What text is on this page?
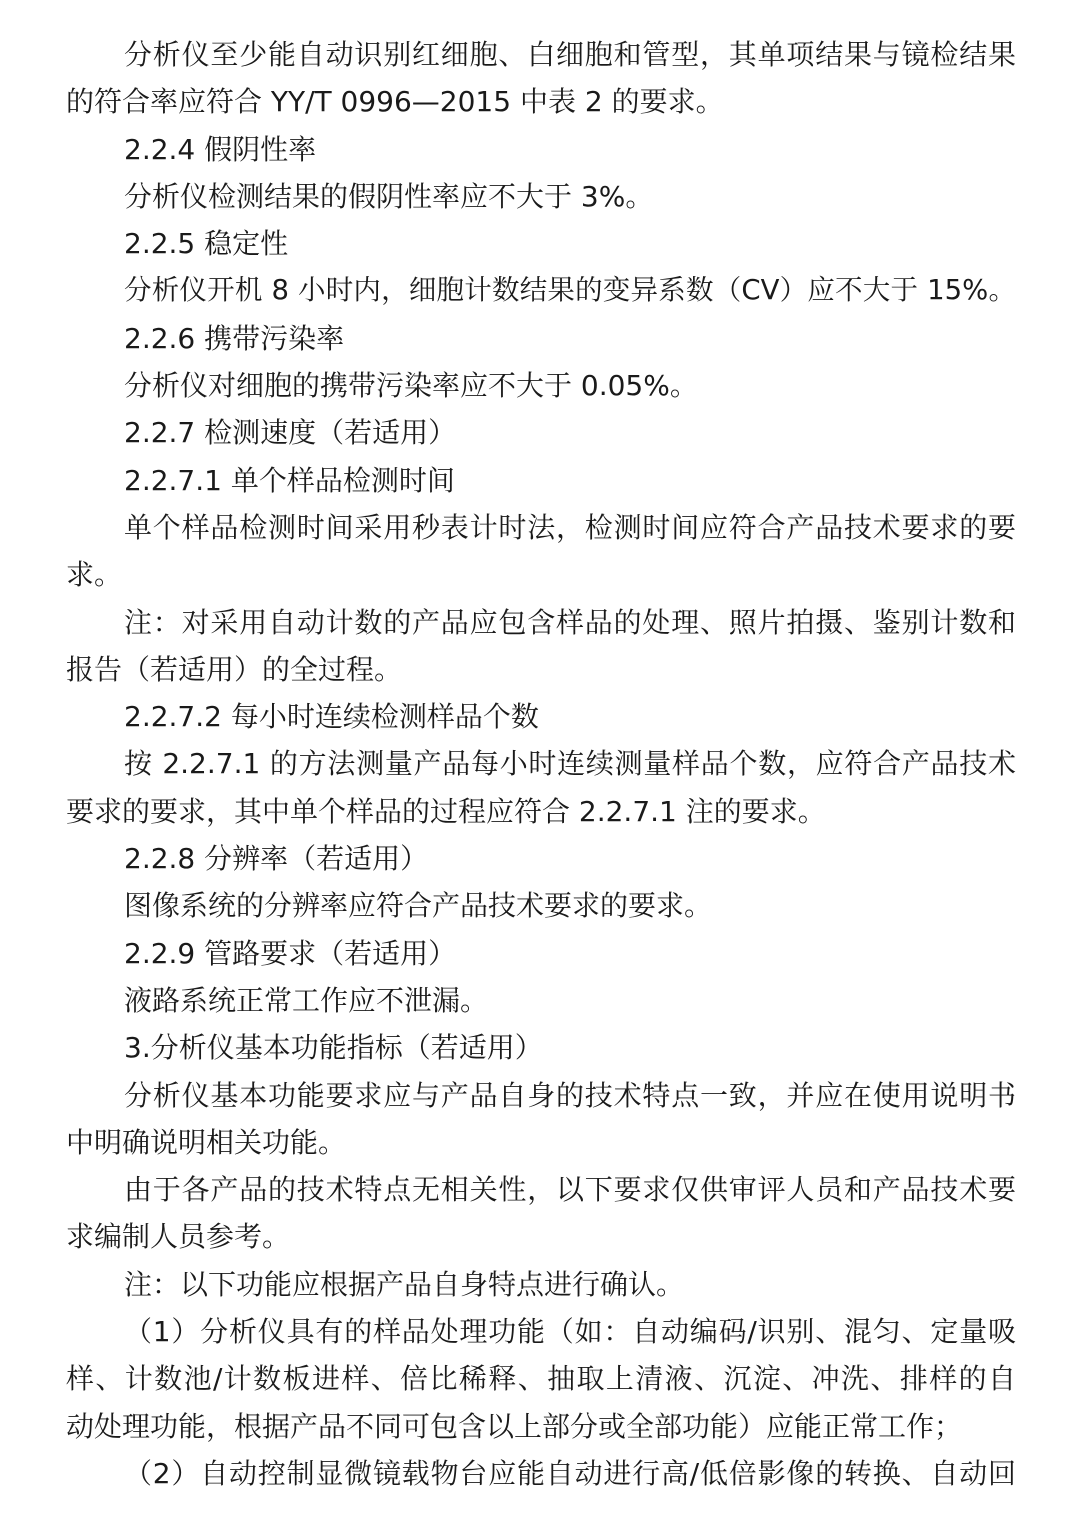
分析仪至少能自动识别红细胞、白细胞和管型，其单项结果与镜检结果
的符合率应符合 YY/T 0996—2015 中表 2 的要求。
2.2.4 假阴性率
分析仪检测结果的假阴性率应不大于 3%。
2.2.5 稳定性
分析仪开机 8 小时内，细胞计数结果的变异系数（CV）应不大于 15%。
2.2.6 携带污染率
分析仪对细胞的携带污染率应不大于 0.05%。
2.2.7 检测速度（若适用）
2.2.7.1 单个样品检测时间
单个样品检测时间采用秒表计时法，检测时间应符合产品技术要求的要
求。
注：对采用自动计数的产品应包含样品的处理、照片拍摄、鉴别计数和
报告（若适用）的全过程。
2.2.7.2 每小时连续检测样品个数
按 2.2.7.1 的方法测量产品每小时连续测量样品个数，应符合产品技术
要求的要求，其中单个样品的过程应符合 2.2.7.1 注的要求。
2.2.8 分辨率（若适用）
图像系统的分辨率应符合产品技术要求的要求。
2.2.9 管路要求（若适用）
液路系统正常工作应不泄漏。
3.分析仪基本功能指标（若适用）
分析仪基本功能要求应与产品自身的技术特点一致，并应在使用说明书
中明确说明相关功能。
由于各产品的技术特点无相关性，以下要求仅供审评人员和产品技术要
求编制人员参考。
注：以下功能应根据产品自身特点进行确认。
（1）分析仪具有的样品处理功能（如：自动编码/识别、混匀、定量吸
样、计数池/计数板进样、倍比稀释、抽取上清液、沉淀、冲洗、排样的自
动处理功能，根据产品不同可包含以上部分或全部功能）应能正常工作；
（2）自动控制显微镜载物台应能自动进行高/低倍影像的转换、自动回
